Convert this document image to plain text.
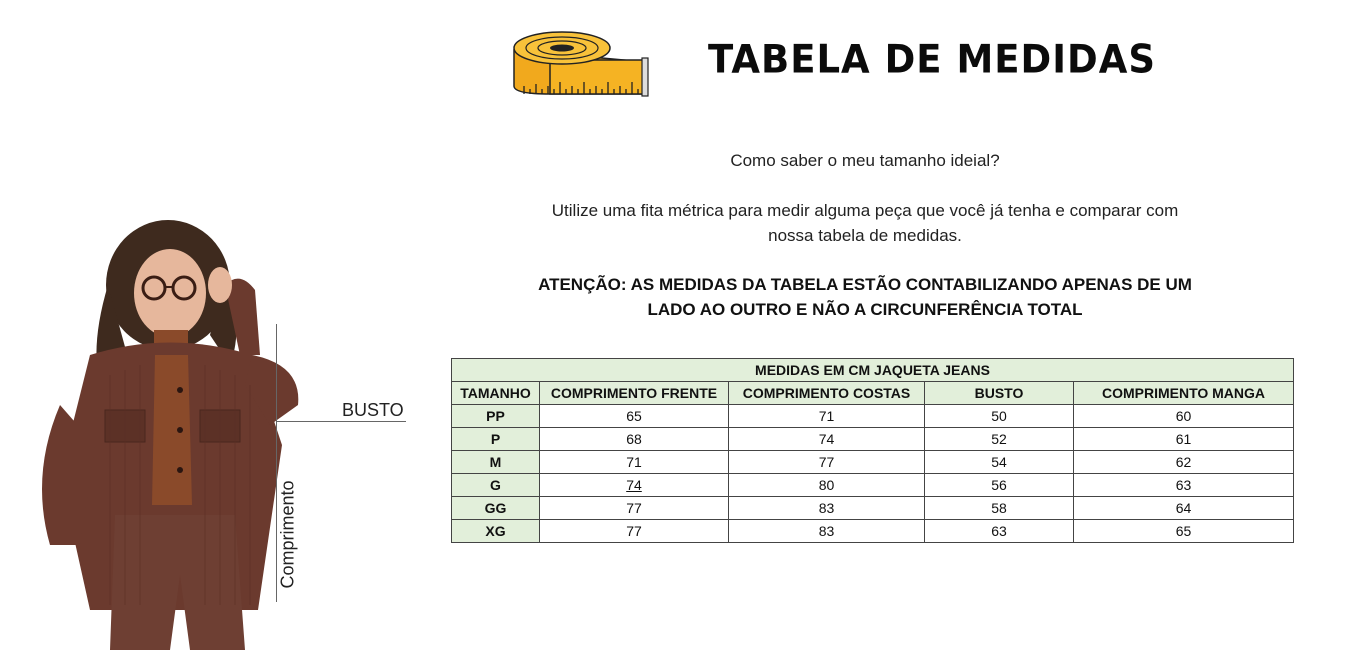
TABELA DE MEDIDAS
Como saber o meu tamanho ideial?
Utilize uma fita métrica para medir alguma peça que você já tenha e comparar com
nossa tabela de medidas.
ATENÇÃO: AS MEDIDAS DA TABELA ESTÃO CONTABILIZANDO APENAS DE UM
LADO AO OUTRO E NÃO A CIRCUNFERÊNCIA TOTAL
MEDIDAS EM CM JAQUETA JEANS				
TAMANHO	COMPRIMENTO FRENTE	COMPRIMENTO COSTAS	BUSTO	COMPRIMENTO MANGA
PP	65	71	50	60
P	68	74	52	61
M	71	77	54	62
G	74	80	56	63
GG	77	83	58	64
XG	77	83	63	65
BUSTO
Comprimento
